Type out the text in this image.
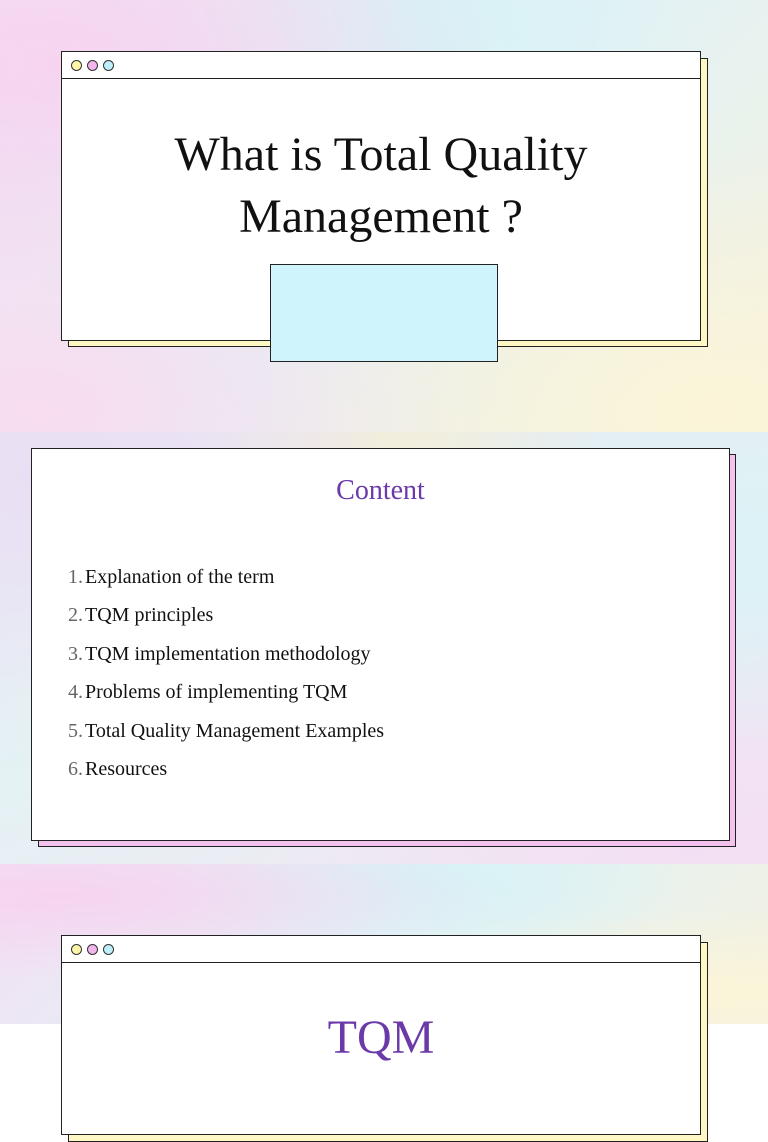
What is Total Quality Management ?
Content
1. Explanation of the term
2. TQM principles
3. TQM implementation methodology
4. Problems of implementing TQM
5. Total Quality Management Examples
6. Resources
TQM
